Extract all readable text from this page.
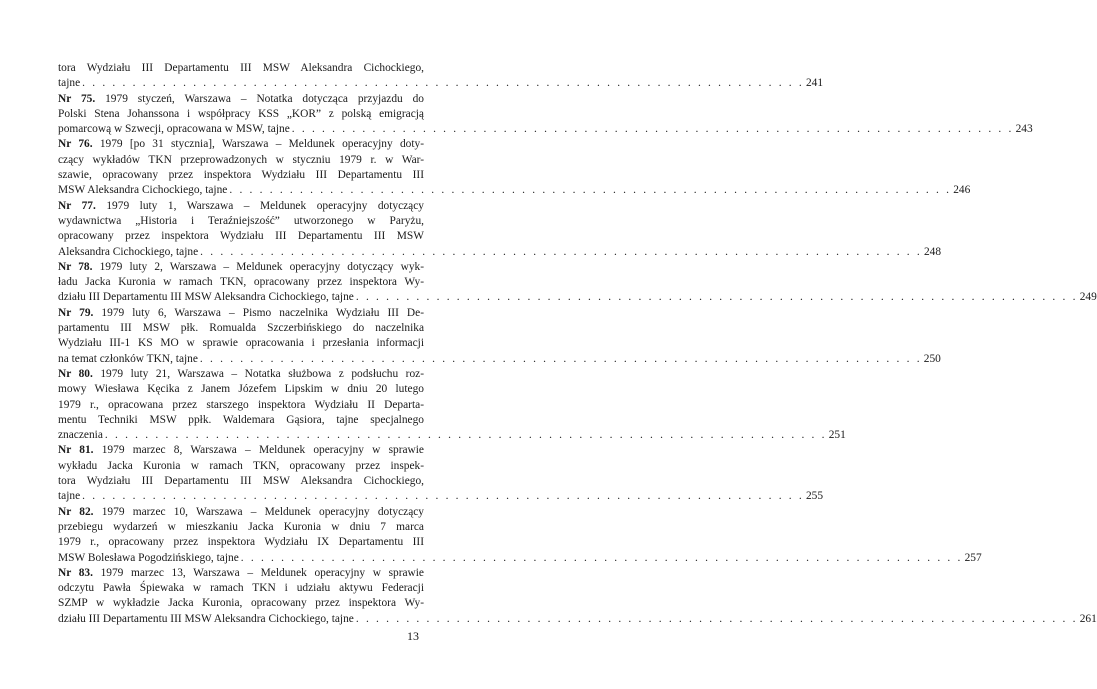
tora Wydziału III Departamentu III MSW Aleksandra Cichockiego,
tajne . . . . . . . . . . . . . . . . . . . . . . . . . . . . . . . . . . . . . . . . . . . . . . . . . . . . . . . . . . . . . . . . . . . . . . . . 241
Nr 75. 1979 styczeń, Warszawa – Notatka dotycząca przyjazdu do
Polski Stena Johanssona i współpracy KSS „KOR” z polską emigracją
pomarcową w Szwecji, opracowana w MSW, tajne . . . . . . . . . . . . . . . . . . . . . . . . . . . . . . . . . . . . . . . . . . . . . . . . . . . . . . . . . . . . . . . . . . . . . . . . 243
Nr 76. 1979 [po 31 stycznia], Warszawa – Meldunek operacyjny doty-
czący wykładów TKN przeprowadzonych w styczniu 1979 r. w War-
szawie, opracowany przez inspektora Wydziału III Departamentu III
MSW Aleksandra Cichockiego, tajne . . . . . . . . . . . . . . . . . . . . . . . . . . . . . . . . . . . . . . . . . . . . . . . . . . . . . . . . . . . . . . . . . . . . . . . . 246
Nr 77. 1979 luty 1, Warszawa – Meldunek operacyjny dotyczący
wydawnictwa „Historia i Teraźniejszość” utworzonego w Paryżu,
opracowany przez inspektora Wydziału III Departamentu III MSW
Aleksandra Cichockiego, tajne . . . . . . . . . . . . . . . . . . . . . . . . . . . . . . . . . . . . . . . . . . . . . . . . . . . . . . . . . . . . . . . . . . . . . . . . 248
Nr 78. 1979 luty 2, Warszawa – Meldunek operacyjny dotyczący wyk-
ładu Jacka Kuronia w ramach TKN, opracowany przez inspektora Wy-
działu III Departamentu III MSW Aleksandra Cichockiego, tajne . . . . . . . . . . . . . . . . . . . . . . . . . . . . . . . . . . . . . . . . . . . . . . . . . . . . . . . . . . . . . . . . . . . . . . . . 249
Nr 79. 1979 luty 6, Warszawa – Pismo naczelnika Wydziału III De-
partamentu III MSW płk. Romualda Szczerbińskiego do naczelnika
Wydziału III-1 KS MO w sprawie opracowania i przesłania informacji
na temat członków TKN, tajne . . . . . . . . . . . . . . . . . . . . . . . . . . . . . . . . . . . . . . . . . . . . . . . . . . . . . . . . . . . . . . . . . . . . . . . . 250
Nr 80. 1979 luty 21, Warszawa – Notatka służbowa z podsłuchu roz-
mowy Wiesława Kęcika z Janem Józefem Lipskim w dniu 20 lutego
1979 r., opracowana przez starszego inspektora Wydziału II Departa-
mentu Techniki MSW ppłk. Waldemara Gąsiora, tajne specjalnego
znaczenia . . . . . . . . . . . . . . . . . . . . . . . . . . . . . . . . . . . . . . . . . . . . . . . . . . . . . . . . . . . . . . . . . . . . . . . . 251
Nr 81. 1979 marzec 8, Warszawa – Meldunek operacyjny w sprawie
wykładu Jacka Kuronia w ramach TKN, opracowany przez inspek-
tora Wydziału III Departamentu III MSW Aleksandra Cichockiego,
tajne . . . . . . . . . . . . . . . . . . . . . . . . . . . . . . . . . . . . . . . . . . . . . . . . . . . . . . . . . . . . . . . . . . . . . . . . 255
Nr 82. 1979 marzec 10, Warszawa – Meldunek operacyjny dotyczący
przebiegu wydarzeń w mieszkaniu Jacka Kuronia w dniu 7 marca
1979 r., opracowany przez inspektora Wydziału IX Departamentu III
MSW Bolesława Pogodzińskiego, tajne . . . . . . . . . . . . . . . . . . . . . . . . . . . . . . . . . . . . . . . . . . . . . . . . . . . . . . . . . . . . . . . . . . . . . . . . 257
Nr 83. 1979 marzec 13, Warszawa – Meldunek operacyjny w sprawie
odczytu Pawła Śpiewaka w ramach TKN i udziału aktywu Federacji
SZMP w wykładzie Jacka Kuronia, opracowany przez inspektora Wy-
działu III Departamentu III MSW Aleksandra Cichockiego, tajne . . . . . . . . . . . . . . . . . . . . . . . . . . . . . . . . . . . . . . . . . . . . . . . . . . . . . . . . . . . . . . . . . . . . . . . . 261
13
